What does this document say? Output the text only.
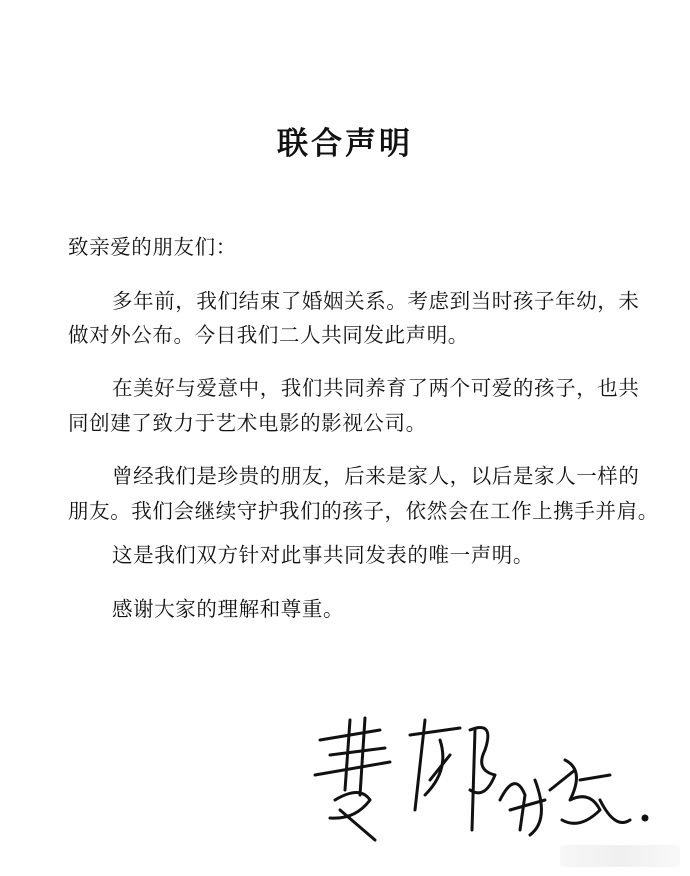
联合声明
致亲爱的朋友们：
多年前，我们结束了婚姻关系。考虑到当时孩子年幼，未
做对外公布。今日我们二人共同发此声明。
在美好与爱意中，我们共同养育了两个可爱的孩子，也共
同创建了致力于艺术电影的影视公司。
曾经我们是珍贵的朋友，后来是家人，以后是家人一样的
朋友。我们会继续守护我们的孩子，依然会在工作上携手并肩。
这是我们双方针对此事共同发表的唯一声明。
感谢大家的理解和尊重。
